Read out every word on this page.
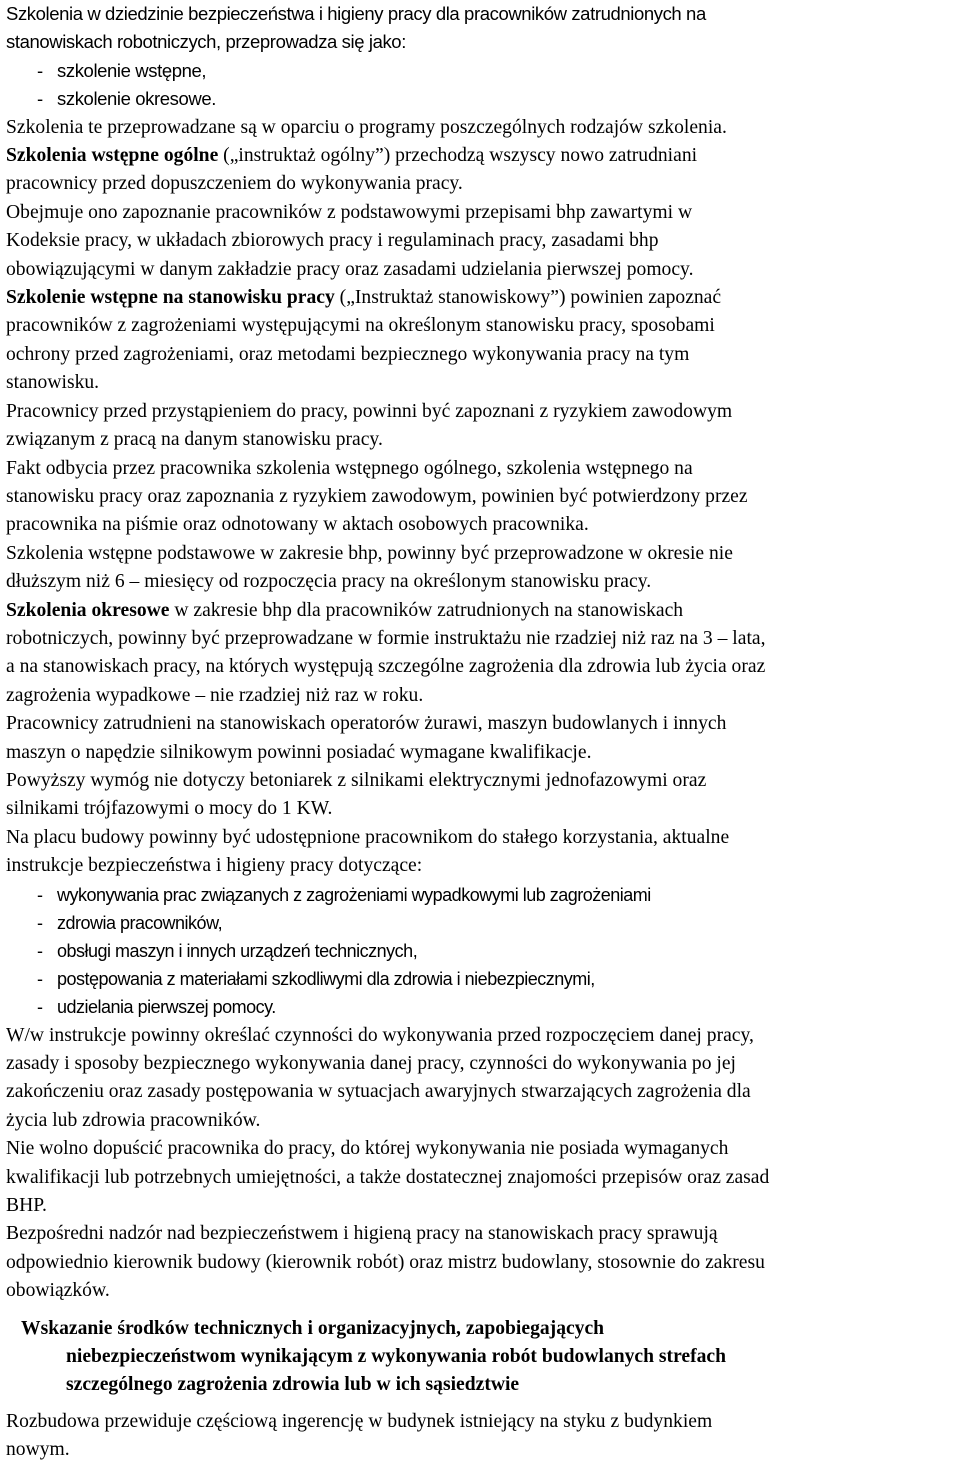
Szkolenia w dziedzinie bezpieczeństwa i higieny pracy dla pracowników zatrudnionych na

stanowiskach robotniczych, przeprowadza się jako:

- szkolenie wstępne,

- szkolenie okresowe.

Szkolenia te przeprowadzane są w oparciu o programy poszczególnych rodzajów szkolenia.

Szkolenia wstępne ogólne („instruktaż ogólny”) przechodzą wszyscy nowo zatrudniani

pracownicy przed dopuszczeniem do wykonywania pracy.

Obejmuje ono zapoznanie pracowników z podstawowymi przepisami bhp zawartymi w

Kodeksie pracy, w układach zbiorowych pracy i regulaminach pracy, zasadami bhp

obowiązującymi w danym zakładzie pracy oraz zasadami udzielania pierwszej pomocy.

Szkolenie wstępne na stanowisku pracy („Instruktaż stanowiskowy”) powinien zapoznać

pracowników z zagrożeniami występującymi na określonym stanowisku pracy, sposobami

ochrony przed zagrożeniami, oraz metodami bezpiecznego wykonywania pracy na tym

stanowisku.

Pracownicy przed przystąpieniem do pracy, powinni być zapoznani z ryzykiem zawodowym

związanym z pracą na danym stanowisku pracy.

Fakt odbycia przez pracownika szkolenia wstępnego ogólnego, szkolenia wstępnego na

stanowisku pracy oraz zapoznania z ryzykiem zawodowym, powinien być potwierdzony przez

pracownika na piśmie oraz odnotowany w aktach osobowych pracownika.

Szkolenia wstępne podstawowe w zakresie bhp, powinny być przeprowadzone w okresie nie

dłuższym niż 6 – miesięcy od rozpoczęcia pracy na określonym stanowisku pracy.

Szkolenia okresowe w zakresie bhp dla pracowników zatrudnionych na stanowiskach

robotniczych, powinny być przeprowadzane w formie instruktażu nie rzadziej niż raz na 3 – lata,

a na stanowiskach pracy, na których występują szczególne zagrożenia dla zdrowia lub życia oraz

zagrożenia wypadkowe – nie rzadziej niż raz w roku.

Pracownicy zatrudnieni na stanowiskach operatorów żurawi, maszyn budowlanych i innych

maszyn o napędzie silnikowym powinni posiadać wymagane kwalifikacje.

Powyższy wymóg nie dotyczy betoniarek z silnikami elektrycznymi jednofazowymi oraz

silnikami trójfazowymi o mocy do 1 KW.

Na placu budowy powinny być udostępnione pracownikom do stałego korzystania, aktualne

instrukcje bezpieczeństwa i higieny pracy dotyczące:

- wykonywania prac związanych z zagrożeniami wypadkowymi lub zagrożeniami
- zdrowia pracowników,
- obsługi maszyn i innych urządzeń technicznych,
- postępowania z materiałami szkodliwymi dla zdrowia i niebezpiecznymi,
- udzielania pierwszej pomocy.

W/w instrukcje powinny określać czynności do wykonywania przed rozpoczęciem danej pracy,

zasady i sposoby bezpiecznego wykonywania danej pracy, czynności do wykonywania po jej

zakończeniu oraz zasady postępowania w sytuacjach awaryjnych stwarzających zagrożenia dla

życia lub zdrowia pracowników.

Nie wolno dopuścić pracownika do pracy, do której wykonywania nie posiada wymaganych

kwalifikacji lub potrzebnych umiejętności, a także dostatecznej znajomości przepisów oraz zasad

BHP.

Bezpośredni nadzór nad bezpieczeństwem i higieną pracy na stanowiskach pracy sprawują

odpowiednio kierownik budowy (kierownik robót) oraz mistrz budowlany, stosownie do zakresu

obowiązków.

Wskazanie środków technicznych i organizacyjnych, zapobiegających
niebezpieczeństwom wynikającym z wykonywania robót budowlanych strefach
szczególnego zagrożenia zdrowia lub w ich sąsiedztwie

Rozbudowa przewiduje częściową ingerencję w budynek istniejący na styku z budynkiem

nowym.
